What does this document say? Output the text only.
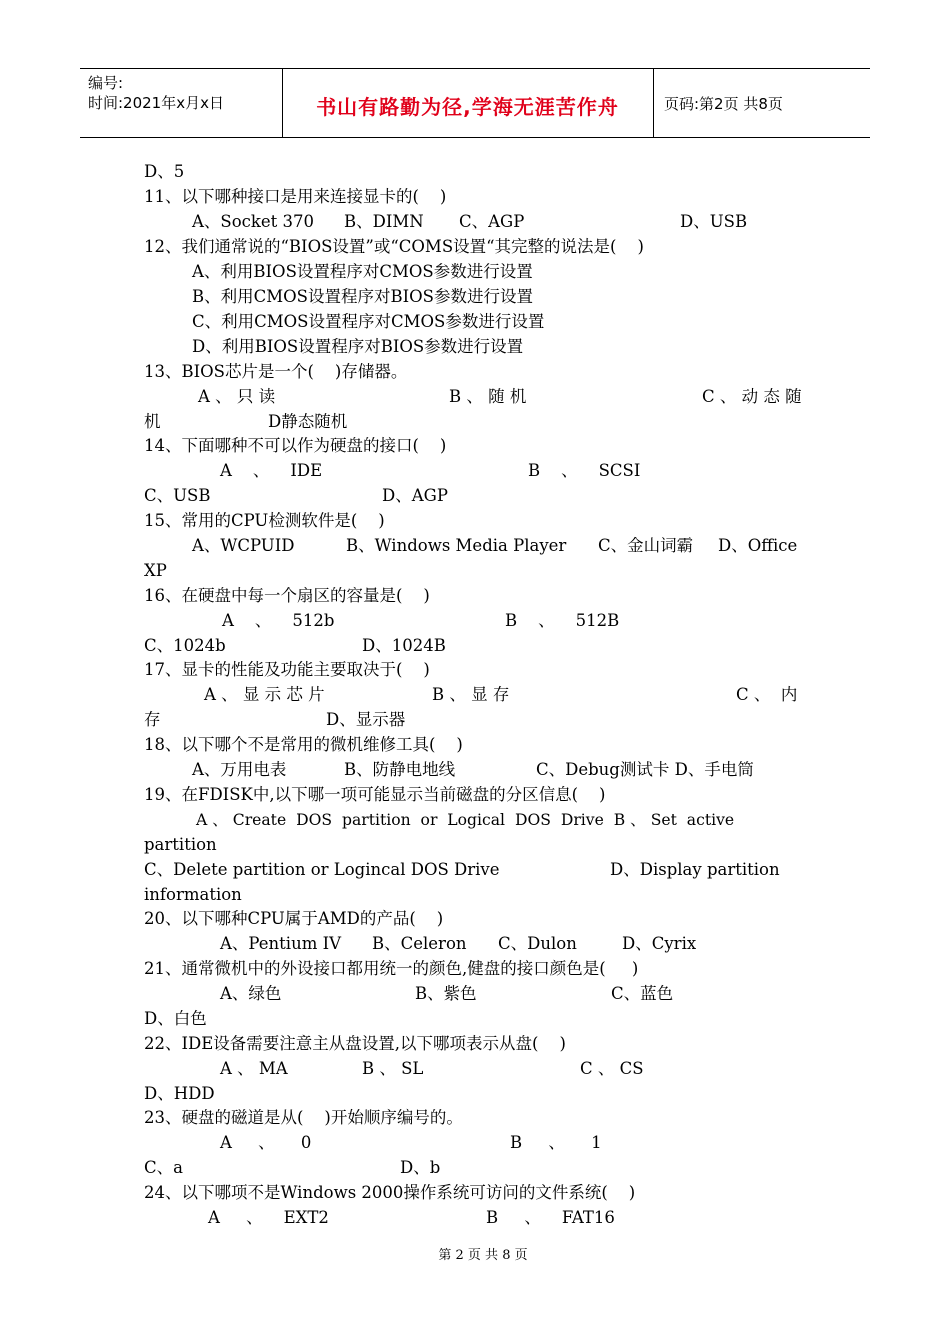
编号:
时间:2021年x月x日	书山有路勤为径,学海无涯苦作舟	页码:第2页 共8页
D、5
11、以下哪种接口是用来连接显卡的(    )
A、Socket 370 B、DIMN C、AGP	D、USB
12、我们通常说的“BIOS设置”或“COMS设置“其完整的说法是(    )
A、利用BIOS设置程序对CMOS参数进行设置
B、利用CMOS设置程序对BIOS参数进行设置
C、利用CMOS设置程序对CMOS参数进行设置
D、利用BIOS设置程序对BIOS参数进行设置
13、BIOS芯片是一个(    )存储器。
A 、 只 读	B 、 随 机	C 、 动 态 随
机	D静态随机
14、下面哪种不可以作为硬盘的接口(    )
A    、    IDE	B    、    SCSI
C、USB	D、AGP
15、常用的CPU检测软件是(    )
A、WCPUID	B、Windows Media Player C、金山词霸 D、Office
XP
16、在硬盘中每一个扇区的容量是(    )
A    、    512b	B    、    512B
C、1024b	D、1024B
17、显卡的性能及功能主要取决于(    )
A 、 显 示 芯 片	B 、 显 存	C 、  内
存	D、显示器
18、以下哪个不是常用的微机维修工具(    )
A、万用电表	B、防静电地线	C、Debug测试卡 D、手电筒
19、在FDISK中,以下哪一项可能显示当前磁盘的分区信息(    )
A 、 Create  DOS  partition  or  Logical  DOS  Drive  B 、 Set  active
partition
C、Delete partition or Logincal DOS Drive	D、Display partition
information
20、以下哪种CPU属于AMD的产品(    )
A、Pentium IV B、Celeron C、Dulon	D、Cyrix
21、通常微机中的外设接口都用统一的颜色,健盘的接口颜色是(     )
A、绿色	B、紫色	C、蓝色
D、白色
22、IDE设备需要注意主从盘设置,以下哪项表示从盘(    )
A 、 MA	B 、 SL	C 、 CS
D、HDD
23、硬盘的磁道是从(    )开始顺序编号的。
A     、     0	B     、     1
C、a	D、b
24、以下哪项不是Windows 2000操作系统可访问的文件系统(    )
A     、    EXT2	B     、    FAT16
第 2 页 共 8 页
